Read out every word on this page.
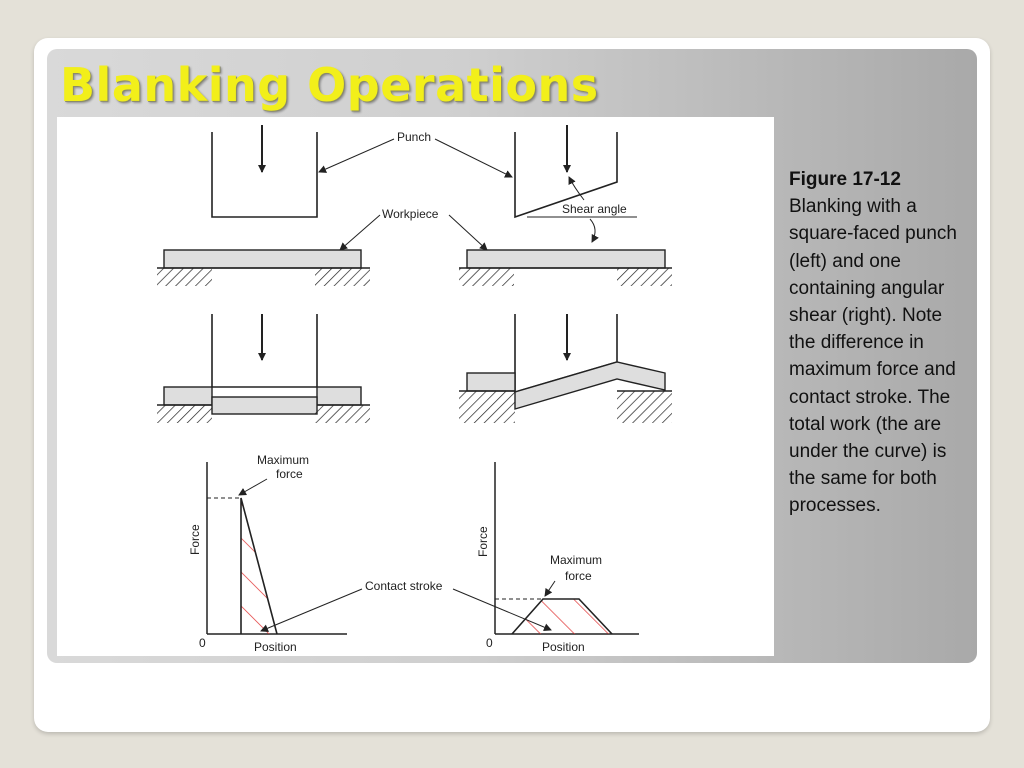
Blanking Operations
Punch
Workpiece	Shear angle
Maximum
force
Force
0	Position
Maximum
force
Force
0	Position
Contact stroke
Figure 17-12
Blanking with a square-faced punch (left) and one containing angular shear (right). Note the difference in maximum force and contact stroke. The total work (the are under the curve) is the same for both processes.
